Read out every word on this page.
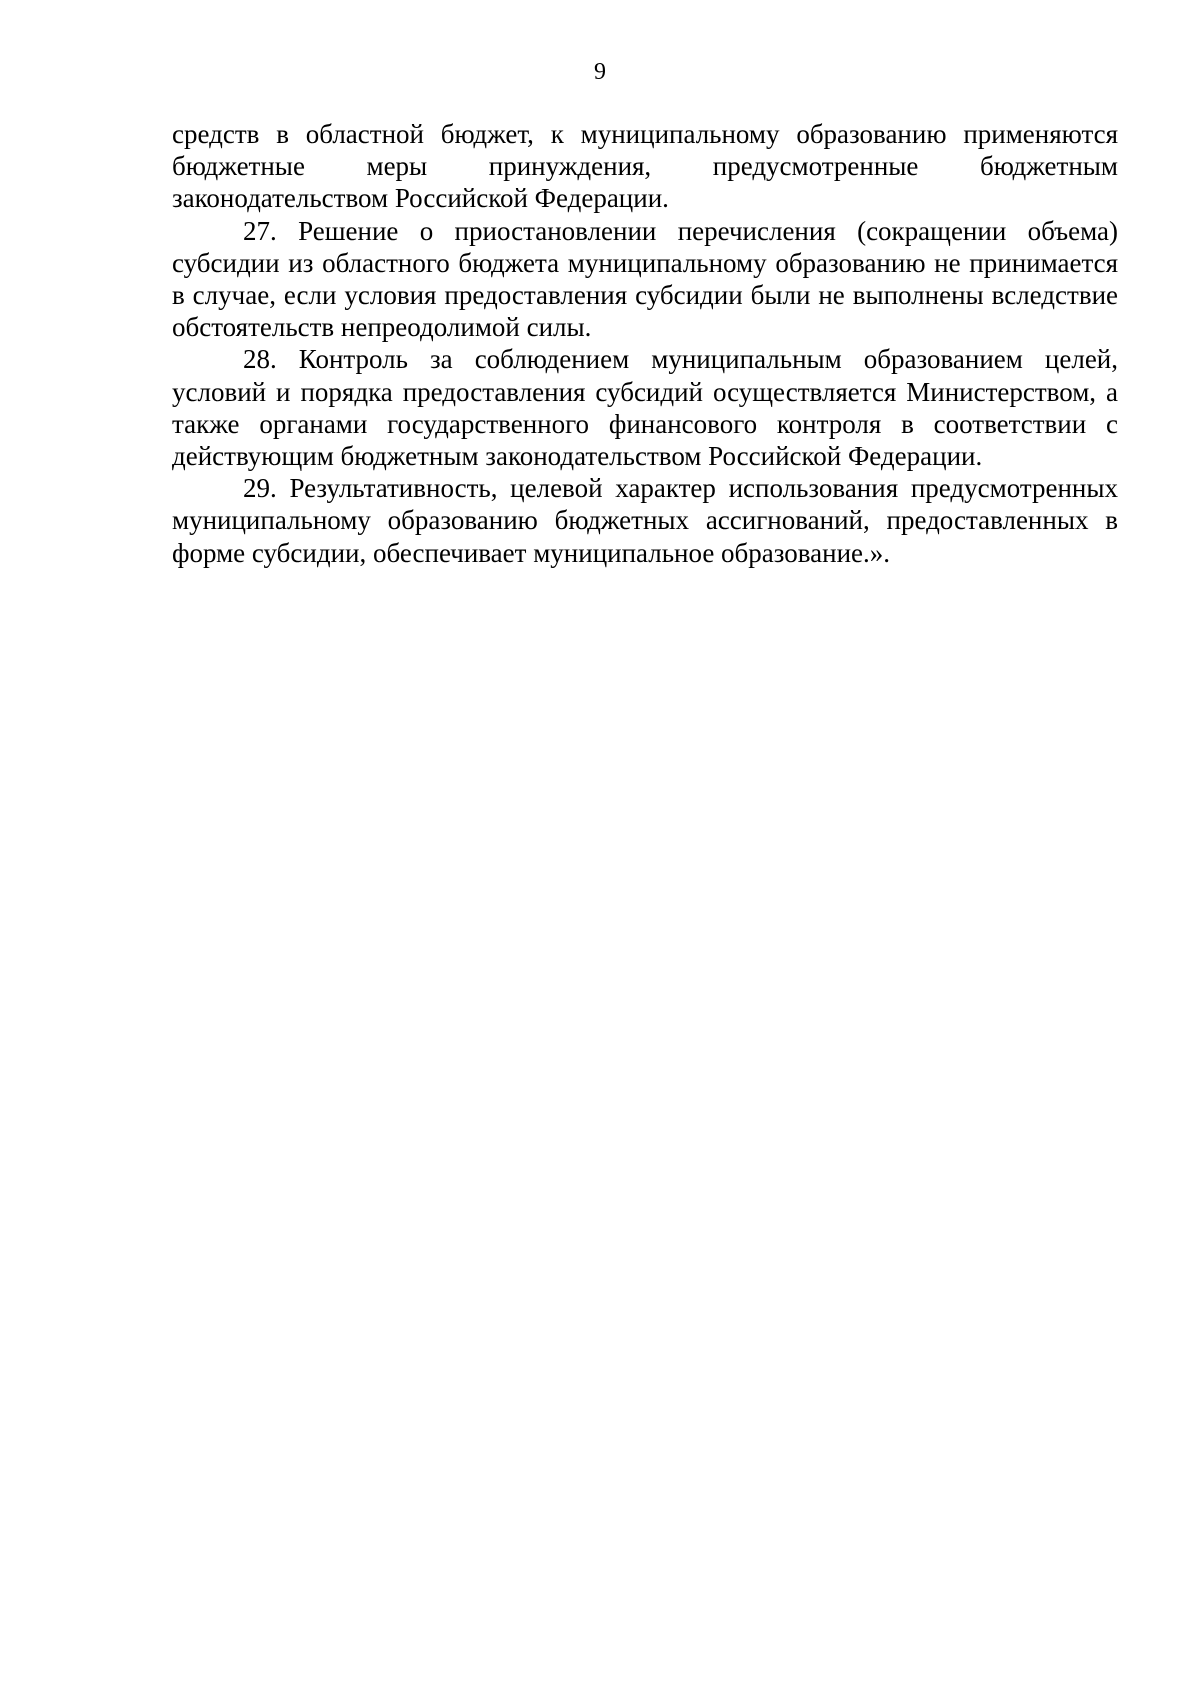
9

средств в областной бюджет, к муниципальному образованию применяются бюджетные меры принуждения, предусмотренные бюджетным законодательством Российской Федерации.

27. Решение о приостановлении перечисления (сокращении объема) субсидии из областного бюджета муниципальному образованию не принимается в случае, если условия предоставления субсидии были не выполнены вследствие обстоятельств непреодолимой силы.

28. Контроль за соблюдением муниципальным образованием целей, условий и порядка предоставления субсидий осуществляется Министерством, а также органами государственного финансового контроля в соответствии с действующим бюджетным законодательством Российской Федерации.

29. Результативность, целевой характер использования предусмотренных муниципальному образованию бюджетных ассигнований, предоставленных в форме субсидии, обеспечивает муниципальное образование.».
